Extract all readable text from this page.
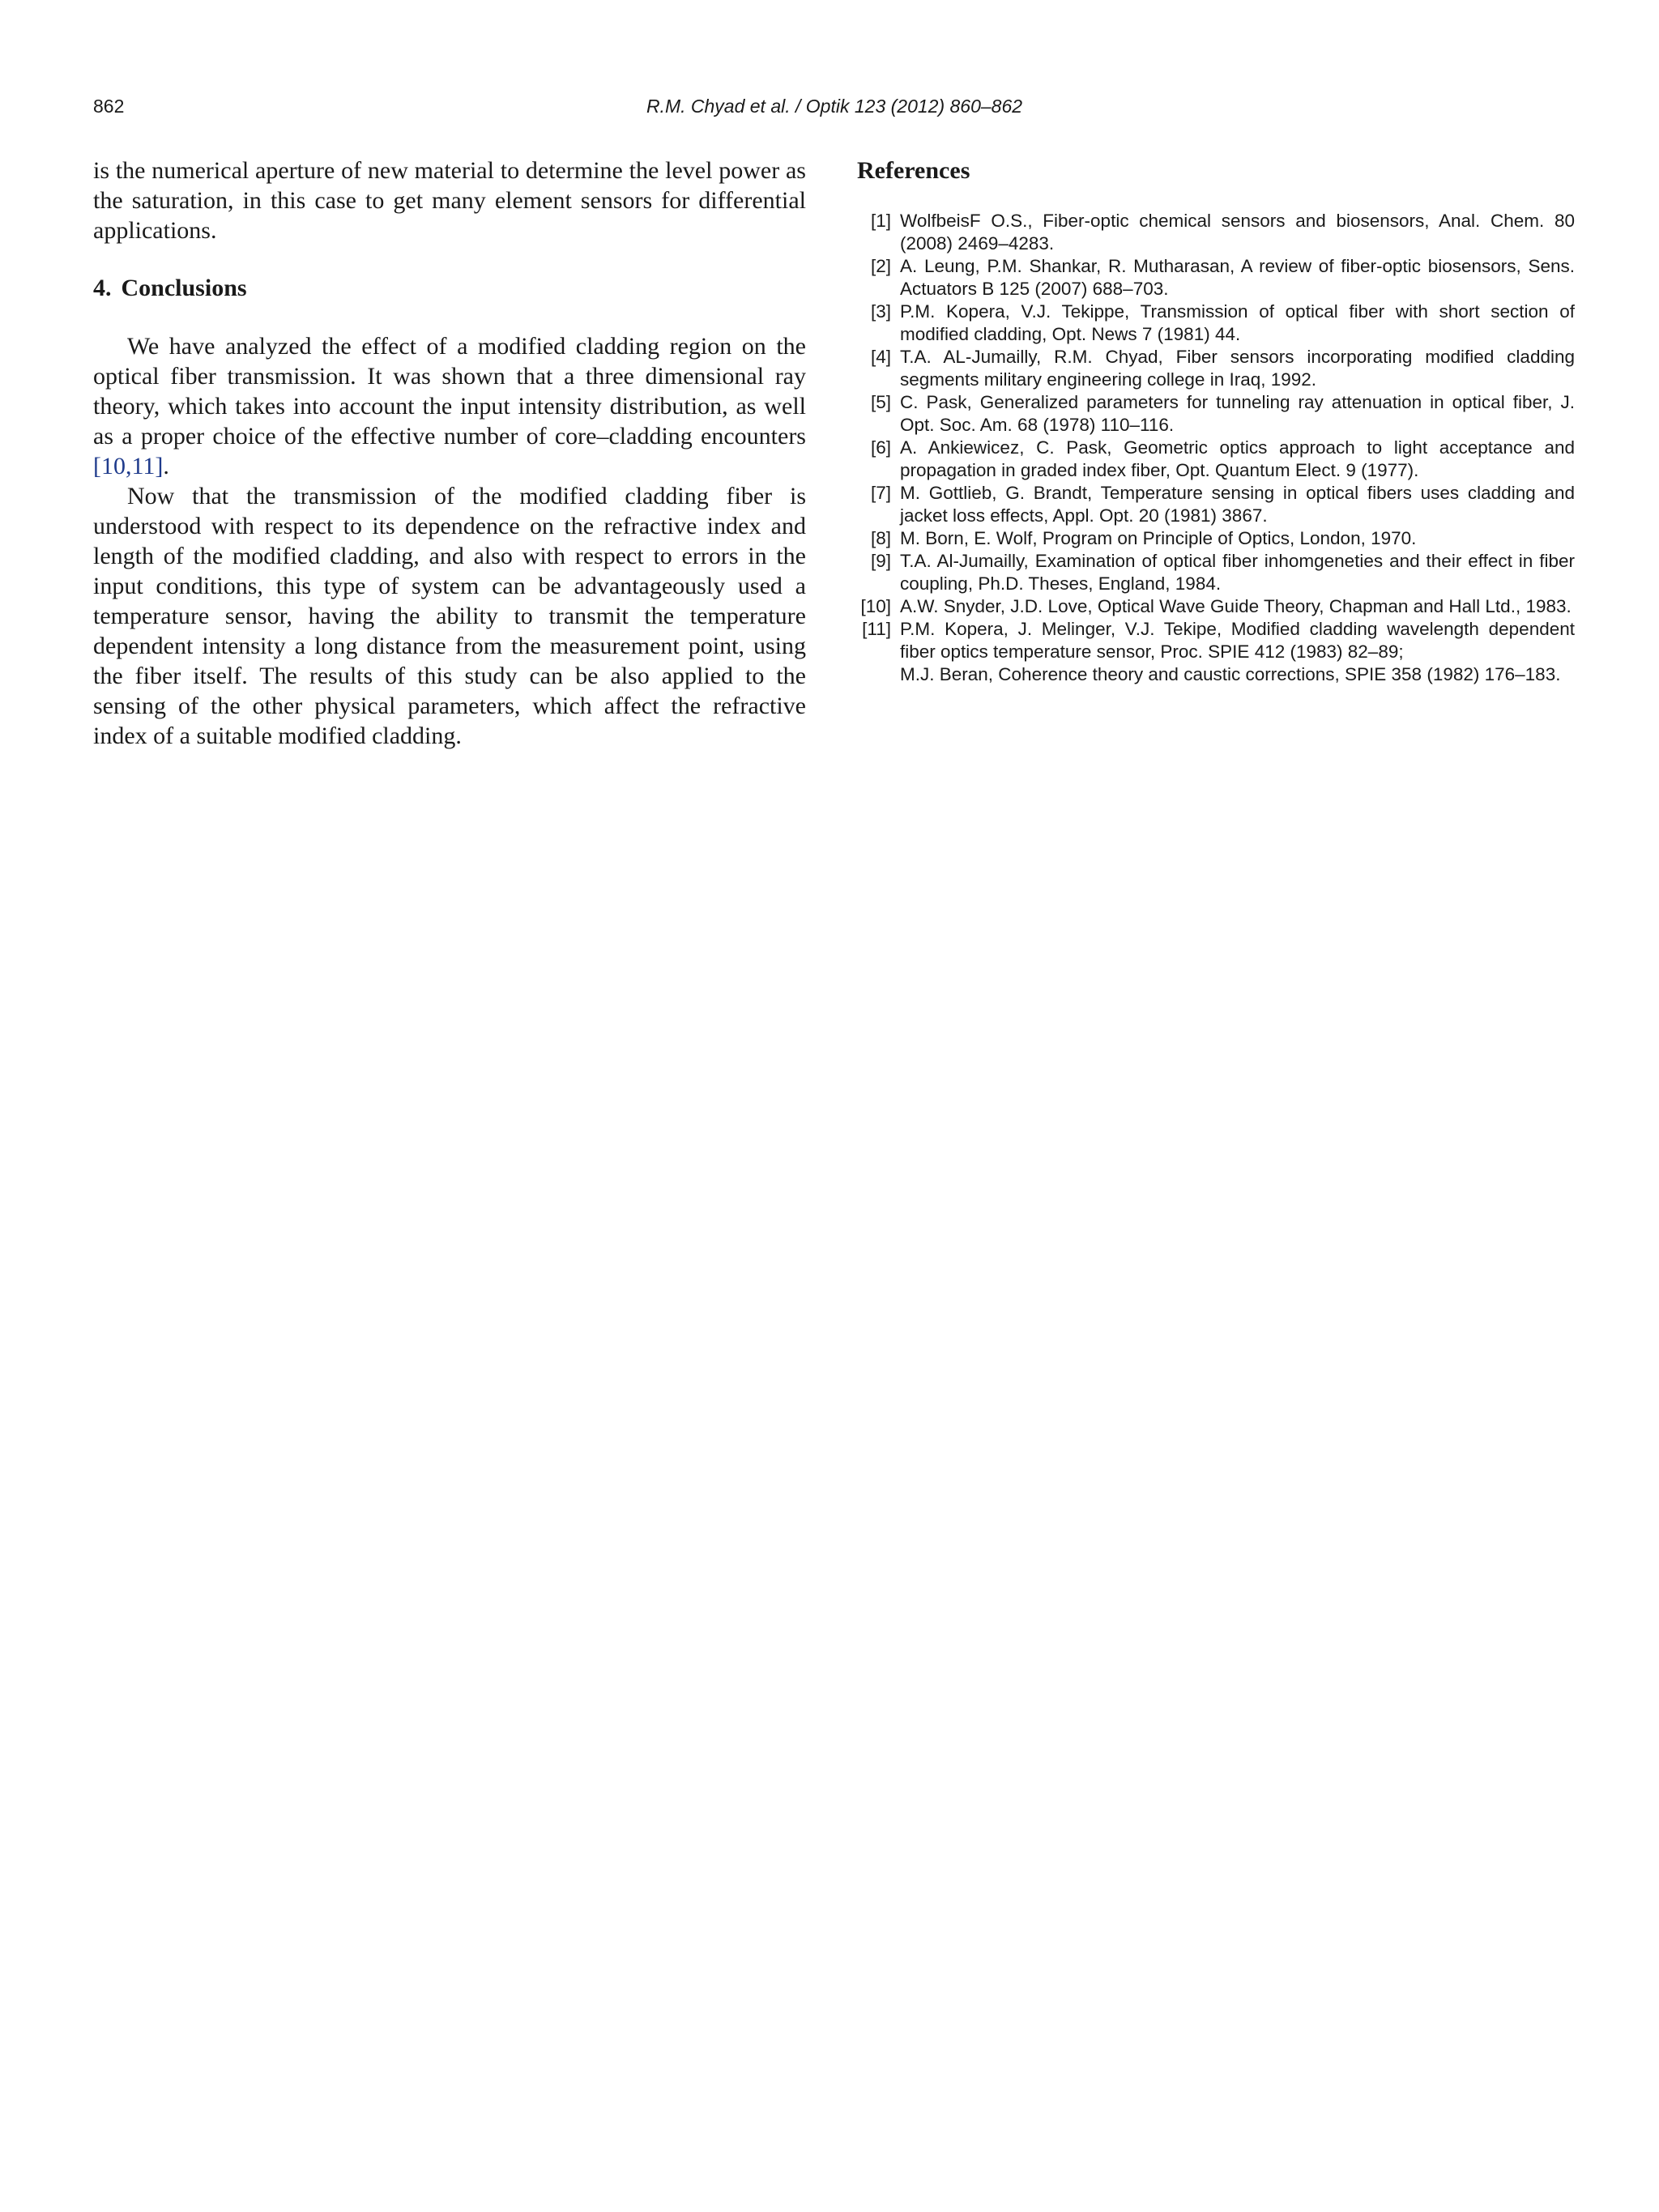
862	R.M. Chyad et al. / Optik 123 (2012) 860–862

is the numerical aperture of new material to determine the level power as the saturation, in this case to get many element sensors for differential applications.

4. Conclusions

We have analyzed the effect of a modified cladding region on the optical fiber transmission. It was shown that a three dimensional ray theory, which takes into account the input intensity distribution, as well as a proper choice of the effective number of core–cladding encounters [10,11].

Now that the transmission of the modified cladding fiber is understood with respect to its dependence on the refractive index and length of the modified cladding, and also with respect to errors in the input conditions, this type of system can be advantageously used a temperature sensor, having the ability to transmit the temperature dependent intensity a long distance from the measurement point, using the fiber itself. The results of this study can be also applied to the sensing of the other physical parameters, which affect the refractive index of a suitable modified cladding.

References
[1] WolfbeisF O.S., Fiber-optic chemical sensors and biosensors, Anal. Chem. 80 (2008) 2469–4283.
[2] A. Leung, P.M. Shankar, R. Mutharasan, A review of fiber-optic biosensors, Sens. Actuators B 125 (2007) 688–703.
[3] P.M. Kopera, V.J. Tekippe, Transmission of optical fiber with short section of modified cladding, Opt. News 7 (1981) 44.
[4] T.A. AL-Jumailly, R.M. Chyad, Fiber sensors incorporating modified cladding segments military engineering college in Iraq, 1992.
[5] C. Pask, Generalized parameters for tunneling ray attenuation in optical fiber, J. Opt. Soc. Am. 68 (1978) 110–116.
[6] A. Ankiewicez, C. Pask, Geometric optics approach to light acceptance and propagation in graded index fiber, Opt. Quantum Elect. 9 (1977).
[7] M. Gottlieb, G. Brandt, Temperature sensing in optical fibers uses cladding and jacket loss effects, Appl. Opt. 20 (1981) 3867.
[8] M. Born, E. Wolf, Program on Principle of Optics, London, 1970.
[9] T.A. Al-Jumailly, Examination of optical fiber inhomgeneties and their effect in fiber coupling, Ph.D. Theses, England, 1984.
[10] A.W. Snyder, J.D. Love, Optical Wave Guide Theory, Chapman and Hall Ltd., 1983.
[11] P.M. Kopera, J. Melinger, V.J. Tekipe, Modified cladding wavelength dependent fiber optics temperature sensor, Proc. SPIE 412 (1983) 82–89;

M.J. Beran, Coherence theory and caustic corrections, SPIE 358 (1982) 176–183.
